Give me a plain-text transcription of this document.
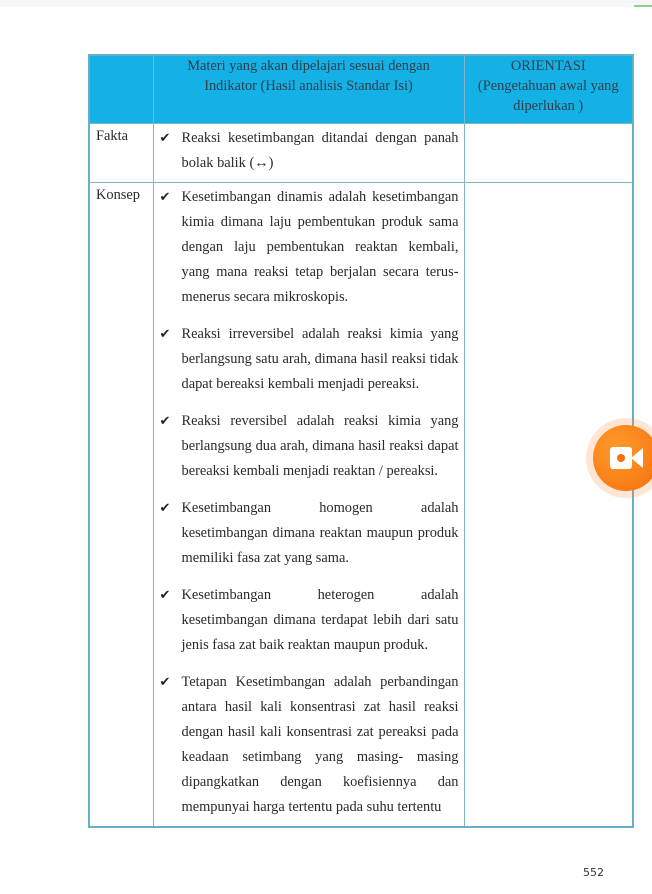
	Materi yang akan dipelajari sesuai dengan Indikator (Hasil analisis Standar Isi)	ORIENTASI (Pengetahuan awal yang diperlukan )

Fakta	✔ Reaksi kesetimbangan ditandai dengan panah bolak balik (↔)	

Konsep	✔ Kesetimbangan dinamis adalah kesetimbangan kimia dimana laju pembentukan produk sama dengan laju pembentukan reaktan kembali, yang mana reaksi tetap berjalan secara terus-menerus secara mikroskopis.
✔ Reaksi irreversibel adalah reaksi kimia yang berlangsung satu arah, dimana hasil reaksi tidak dapat bereaksi kembali menjadi pereaksi.
✔ Reaksi reversibel adalah reaksi kimia yang berlangsung dua arah, dimana hasil reaksi dapat bereaksi kembali menjadi reaktan / pereaksi.
✔ Kesetimbangan homogen adalah kesetimbangan dimana reaktan maupun produk memiliki fasa zat yang sama.
✔ Kesetimbangan heterogen adalah kesetimbangan dimana terdapat lebih dari satu jenis fasa zat baik reaktan maupun produk.
✔ Tetapan Kesetimbangan adalah perbandingan antara hasil kali konsentrasi zat hasil reaksi dengan hasil kali konsentrasi zat pereaksi pada keadaan setimbang yang masing- masing dipangkatkan dengan koefisiennya dan mempunyai harga tertentu pada suhu tertentu

552
